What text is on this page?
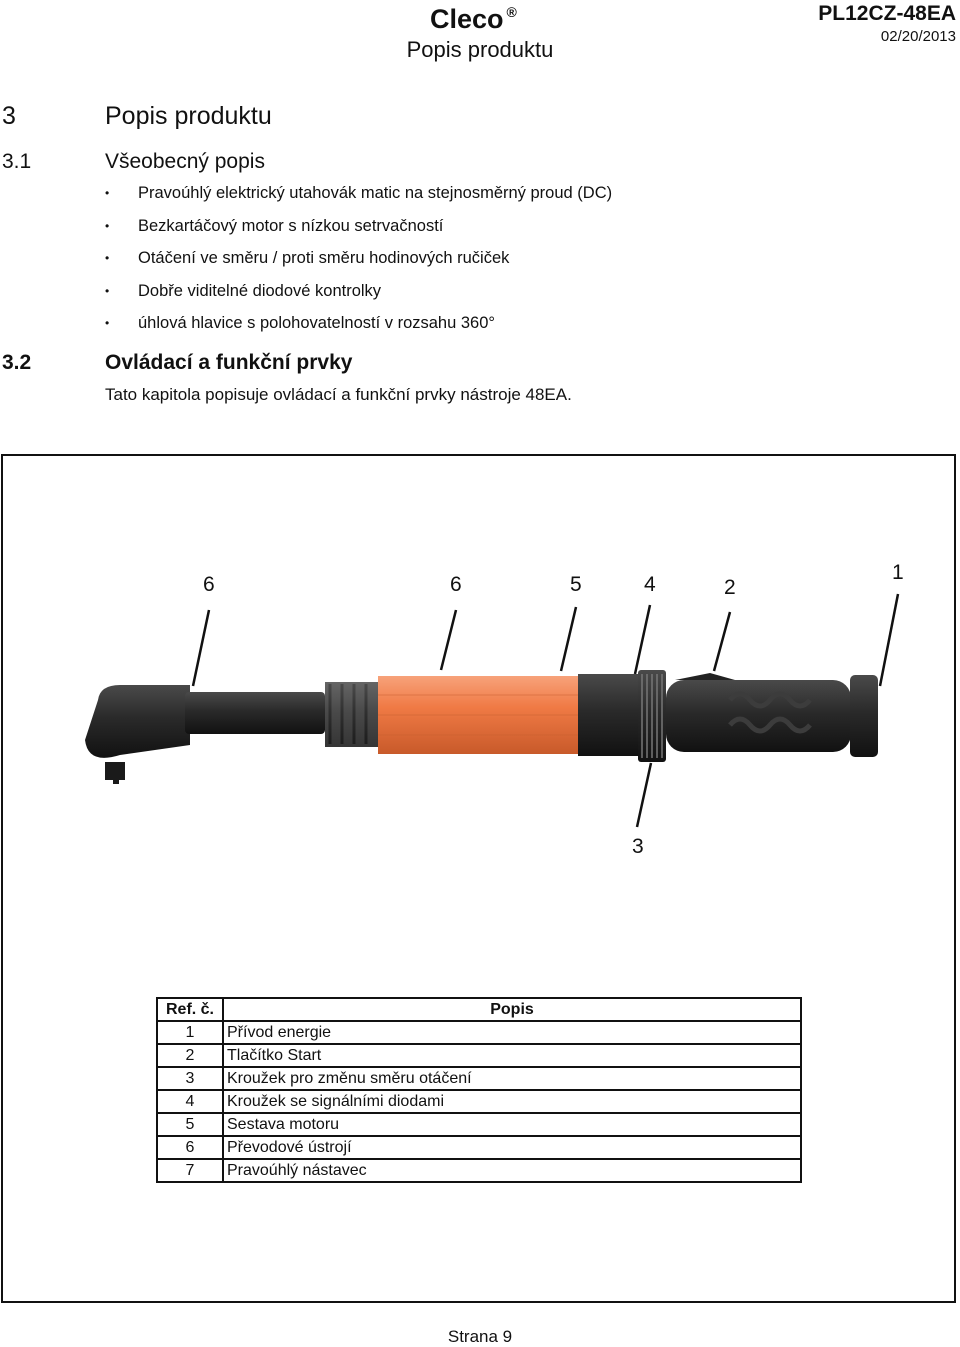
Cleco ®
Popis produktu
PL12CZ-48EA
02/20/2013
3	Popis produktu
3.1	Všeobecný popis
• Pravoúhlý elektrický utahovák matic na stejnosměrný proud (DC)
• Bezkartáčový motor s nízkou setrvačností
• Otáčení ve směru / proti směru hodinových ručiček
• Dobře viditelné diodové kontrolky
• úhlová hlavice s polohovatelností v rozsahu 360°
3.2	Ovládací a funkční prvky
Tato kapitola popisuje ovládací a funkční prvky nástroje 48EA.
6	6	5	4	2
1
3
Ref. č.	Popis
1	Přívod energie
2	Tlačítko Start
3	Kroužek pro změnu směru otáčení
4	Kroužek se signálními diodami
5	Sestava motoru
6	Převodové ústrojí
7	Pravoúhlý nástavec
Strana 9
